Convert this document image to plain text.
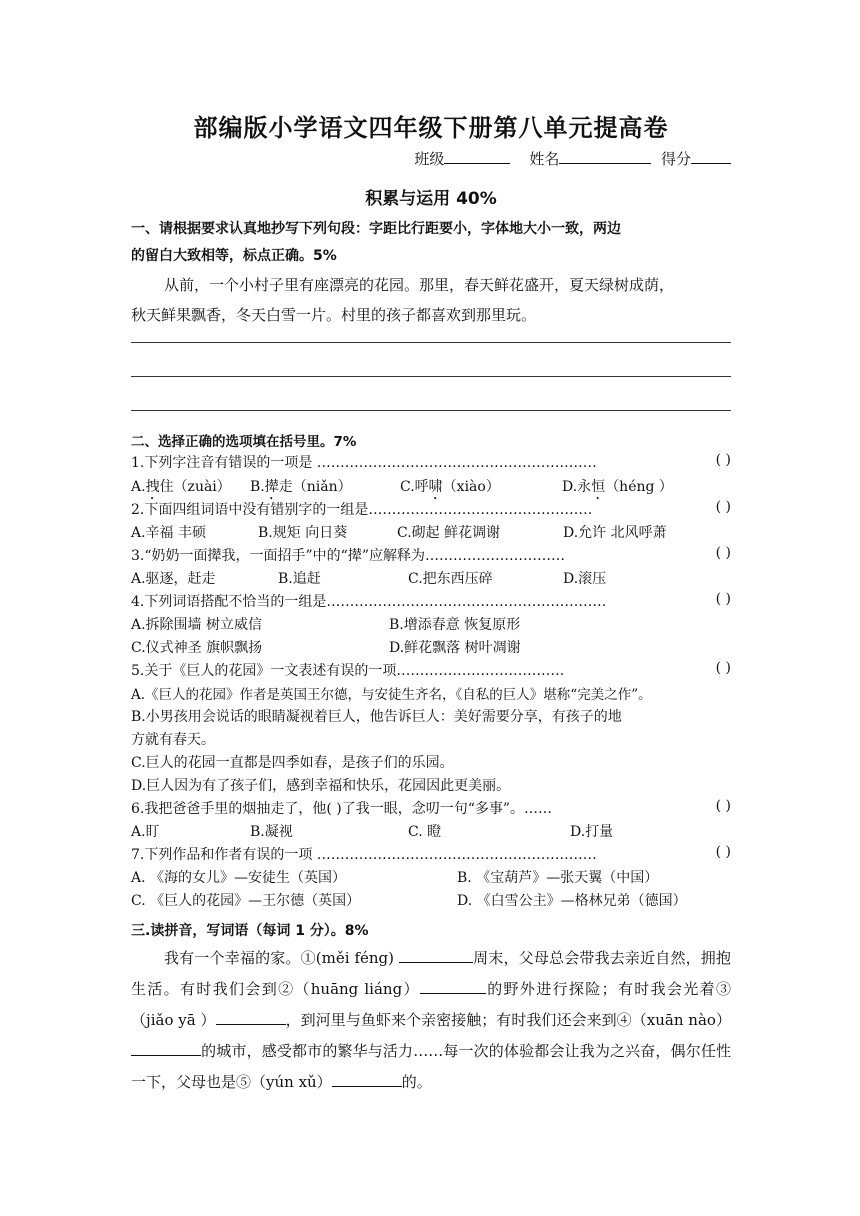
部编版小学语文四年级下册第八单元提高卷
班级	姓名	得分
积累与运用 40%
一、请根据要求认真地抄写下列句段：字距比行距要小，字体地大小一致，两边
的留白大致相等，标点正确。5%
从前，一个小村子里有座漂亮的花园。那里，春天鲜花盛开，夏天绿树成荫，
秋天鲜果飘香，冬天白雪一片。村里的孩子都喜欢到那里玩。
二、选择正确的选项填在括号里。7%
1.下列字注音有错误的一项是 ……………………………………………………	( )
A.拽住（zuài） B.撵走（niǎn）	C.呼啸（xiào）	D.永恒（héng ）
2.下面四组词语中没有错别字的一组是…………………………………………	( )
A.辛福 丰硕	B.规矩 向日葵	C.砌起 鲜花调谢	D.允许 北风呼萧
3.“奶奶一面撵我，一面招手”中的“撵”应解释为…………………………	( )
A.驱逐，赶走	B.追赶	C.把东西压碎	D.滚压
4.下列词语搭配不恰当的一组是……………………………………………………	( )
A.拆除围墙 树立威信	B.增添春意 恢复原形
C.仪式神圣 旗帜飘扬	D.鲜花飘落 树叶凋谢
5.关于《巨人的花园》一文表述有误的一项………………………………	( )
A.《巨人的花园》作者是英国王尔德，与安徒生齐名，《自私的巨人》堪称“完美之作”。
B.小男孩用会说话的眼睛凝视着巨人，他告诉巨人：美好需要分享，有孩子的地
方就有春天。
C.巨人的花园一直都是四季如春，是孩子们的乐园。
D.巨人因为有了孩子们，感到幸福和快乐，花园因此更美丽。
6.我把爸爸手里的烟抽走了，他( )了我一眼，念叨一句“多事”。……	( )
A.盯	B.凝视	C. 瞪	D.打量
7.下列作品和作者有误的一项 ……………………………………………………	( )
A. 《海的女儿》—安徒生（英国）	B. 《宝葫芦》—张天翼（中国）
C. 《巨人的花园》—王尔德（英国）	D. 《白雪公主》—格林兄弟（德国）
三.读拼音，写词语（每词 1 分）。8%
我有一个幸福的家。①(měi féng)	周末，父母总会带我去亲近自然，拥抱生活。有时我们会到②（huāng liáng）	的野外进行探险；有时我会光着③（jiǎo yā ）	，到河里与鱼虾来个亲密接触；有时我们还会来到④（xuān nào）的城市，感受都市的繁华与活力……每一次的体验都会让我为之兴奋，偶尔任性一下，父母也是⑤（yún xǔ）	的。
